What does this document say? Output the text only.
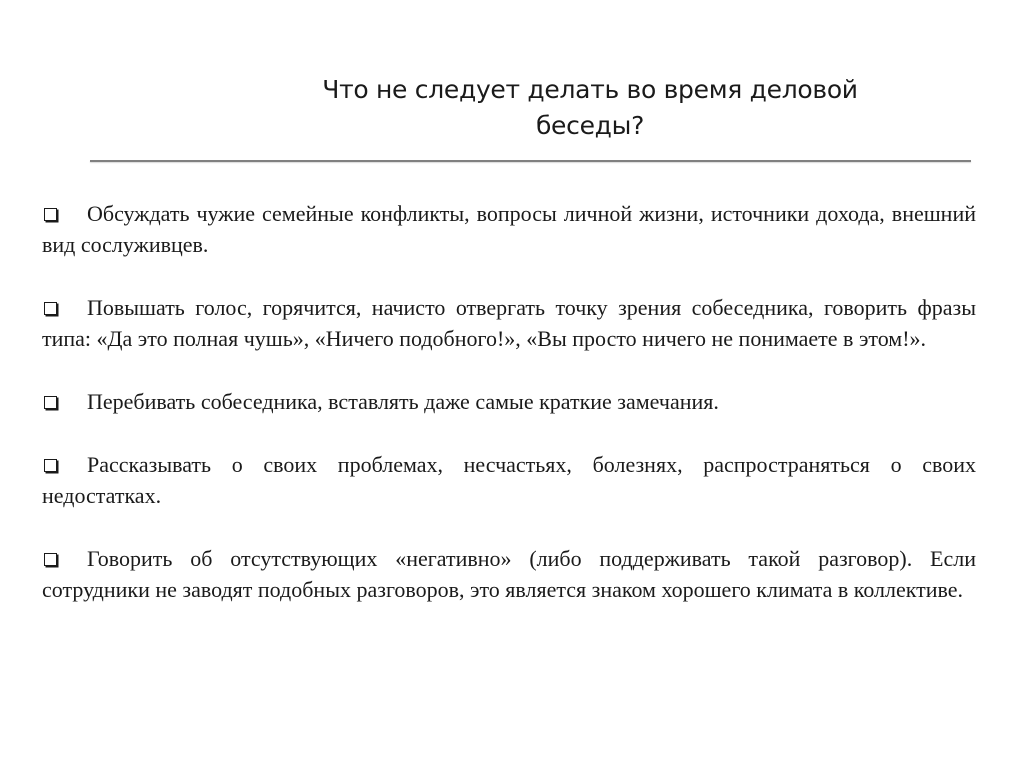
Что не следует делать во время деловой
беседы?

Обсуждать чужие семейные конфликты, вопросы личной жизни, источники дохода, внешний вид сослуживцев.

Повышать голос, горячится, начисто отвергать точку зрения собеседника, говорить фразы типа: «Да это полная чушь», «Ничего подобного!», «Вы просто ничего не понимаете в этом!».

Перебивать собеседника, вставлять даже самые краткие замечания.

Рассказывать о своих проблемах, несчастьях, болезнях, распространяться о своих недостатках.

Говорить об отсутствующих «негативно» (либо поддерживать такой разговор). Если сотрудники не заводят подобных разговоров, это является знаком хорошего климата в коллективе.
